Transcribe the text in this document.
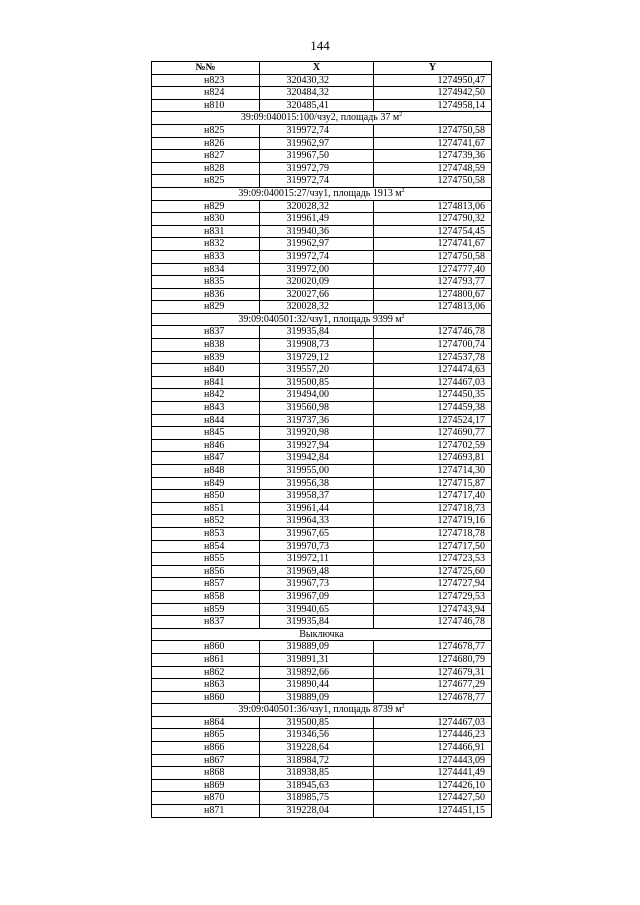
144
№№	X	Y
н823	320430,32	1274950,47
н824	320484,32	1274942,50
н810	320485,41	1274958,14
39:09:040015:100/чзу2, площадь 37 $м^2$
н825	319972,74	1274750,58
н826	319962,97	1274741,67
н827	319967,50	1274739,36
н828	319972,79	1274748,59
н825	319972,74	1274750,58
39:09:040015:27/чзу1, площадь 1913 $м^2$
н829	320028,32	1274813,06
н830	319961,49	1274790,32
н831	319940,36	1274754,45
н832	319962,97	1274741,67
н833	319972,74	1274750,58
н834	319972,00	1274777,40
н835	320020,09	1274793,77
н836	320027,66	1274800,67
н829	320028,32	1274813,06
39:09:040501:32/чзу1, площадь 9399 $м^2$
н837	319935,84	1274746,78
н838	319908,73	1274700,74
н839	319729,12	1274537,78
н840	319557,20	1274474,63
н841	319500,85	1274467,03
н842	319494,00	1274450,35
н843	319560,98	1274459,38
н844	319737,36	1274524,17
н845	319920,98	1274690,77
н846	319927,94	1274702,59
н847	319942,84	1274693,81
н848	319955,00	1274714,30
н849	319956,38	1274715,87
н850	319958,37	1274717,40
н851	319961,44	1274718,73
н852	319964,33	1274719,16
н853	319967,65	1274718,78
н854	319970,73	1274717,50
н855	319972,11	1274723,53
н856	319969,48	1274725,60
н857	319967,73	1274727,94
н858	319967,09	1274729,53
н859	319940,65	1274743,94
н837	319935,84	1274746,78
Выключка		
н860	319889,09	1274678,77
н861	319891,31	1274680,79
н862	319892,66	1274679,31
н863	319890,44	1274677,29
н860	319889,09	1274678,77
39:09:040501:36/чзу1, площадь 8739 $м^2$
н864	319500,85	1274467,03
н865	319346,56	1274446,23
н866	319228,64	1274466,91
н867	318984,72	1274443,09
н868	318938,85	1274441,49
н869	318945,63	1274426,10
н870	318985,75	1274427,50
н871	319228,04	1274451,15
